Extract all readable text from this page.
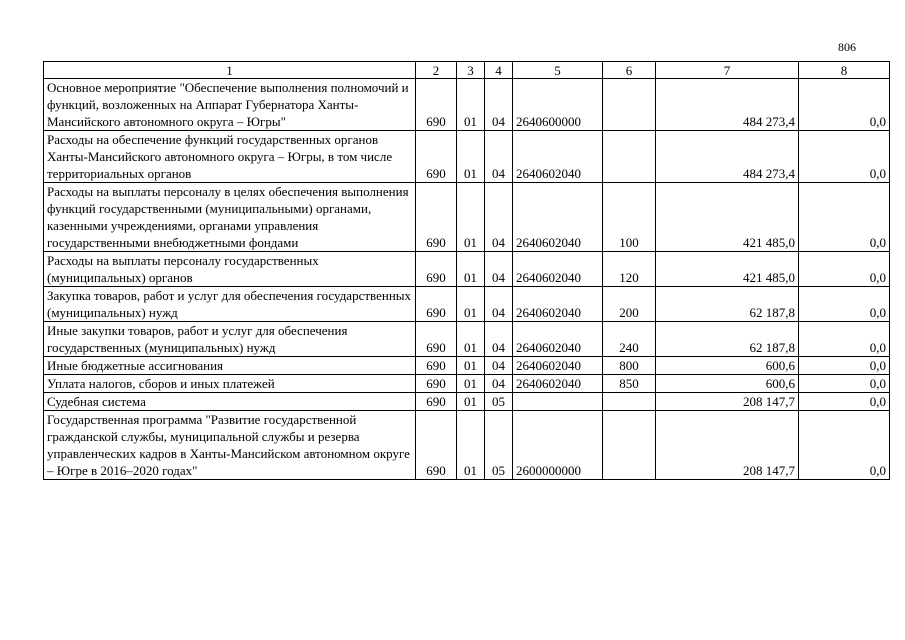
806
1	2	3	4	5	6	7	8
Основное мероприятие "Обеспечение выполнения полномочий и функций, возложенных на Аппарат Губернатора Ханты-Мансийского автономного округа – Югры"	690	01	04	2640600000		484 273,4	0,0
Расходы на обеспечение функций государственных органов Ханты-Мансийского автономного округа – Югры, в том числе территориальных органов	690	01	04	2640602040		484 273,4	0,0
Расходы на выплаты персоналу в целях обеспечения выполнения функций государственными (муниципальными) органами, казенными учреждениями, органами управления государственными внебюджетными фондами	690	01	04	2640602040	100	421 485,0	0,0
Расходы на выплаты персоналу государственных (муниципальных) органов	690	01	04	2640602040	120	421 485,0	0,0
Закупка товаров, работ и услуг для обеспечения государственных (муниципальных) нужд	690	01	04	2640602040	200	62 187,8	0,0
Иные закупки товаров, работ и услуг для обеспечения государственных (муниципальных) нужд	690	01	04	2640602040	240	62 187,8	0,0
Иные бюджетные ассигнования	690	01	04	2640602040	800	600,6	0,0
Уплата налогов, сборов и иных платежей	690	01	04	2640602040	850	600,6	0,0
Судебная система	690	01	05			208 147,7	0,0
Государственная программа "Развитие государственной гражданской службы, муниципальной службы и резерва управленческих кадров в Ханты-Мансийском автономном округе – Югре в 2016–2020 годах"	690	01	05	2600000000		208 147,7	0,0
